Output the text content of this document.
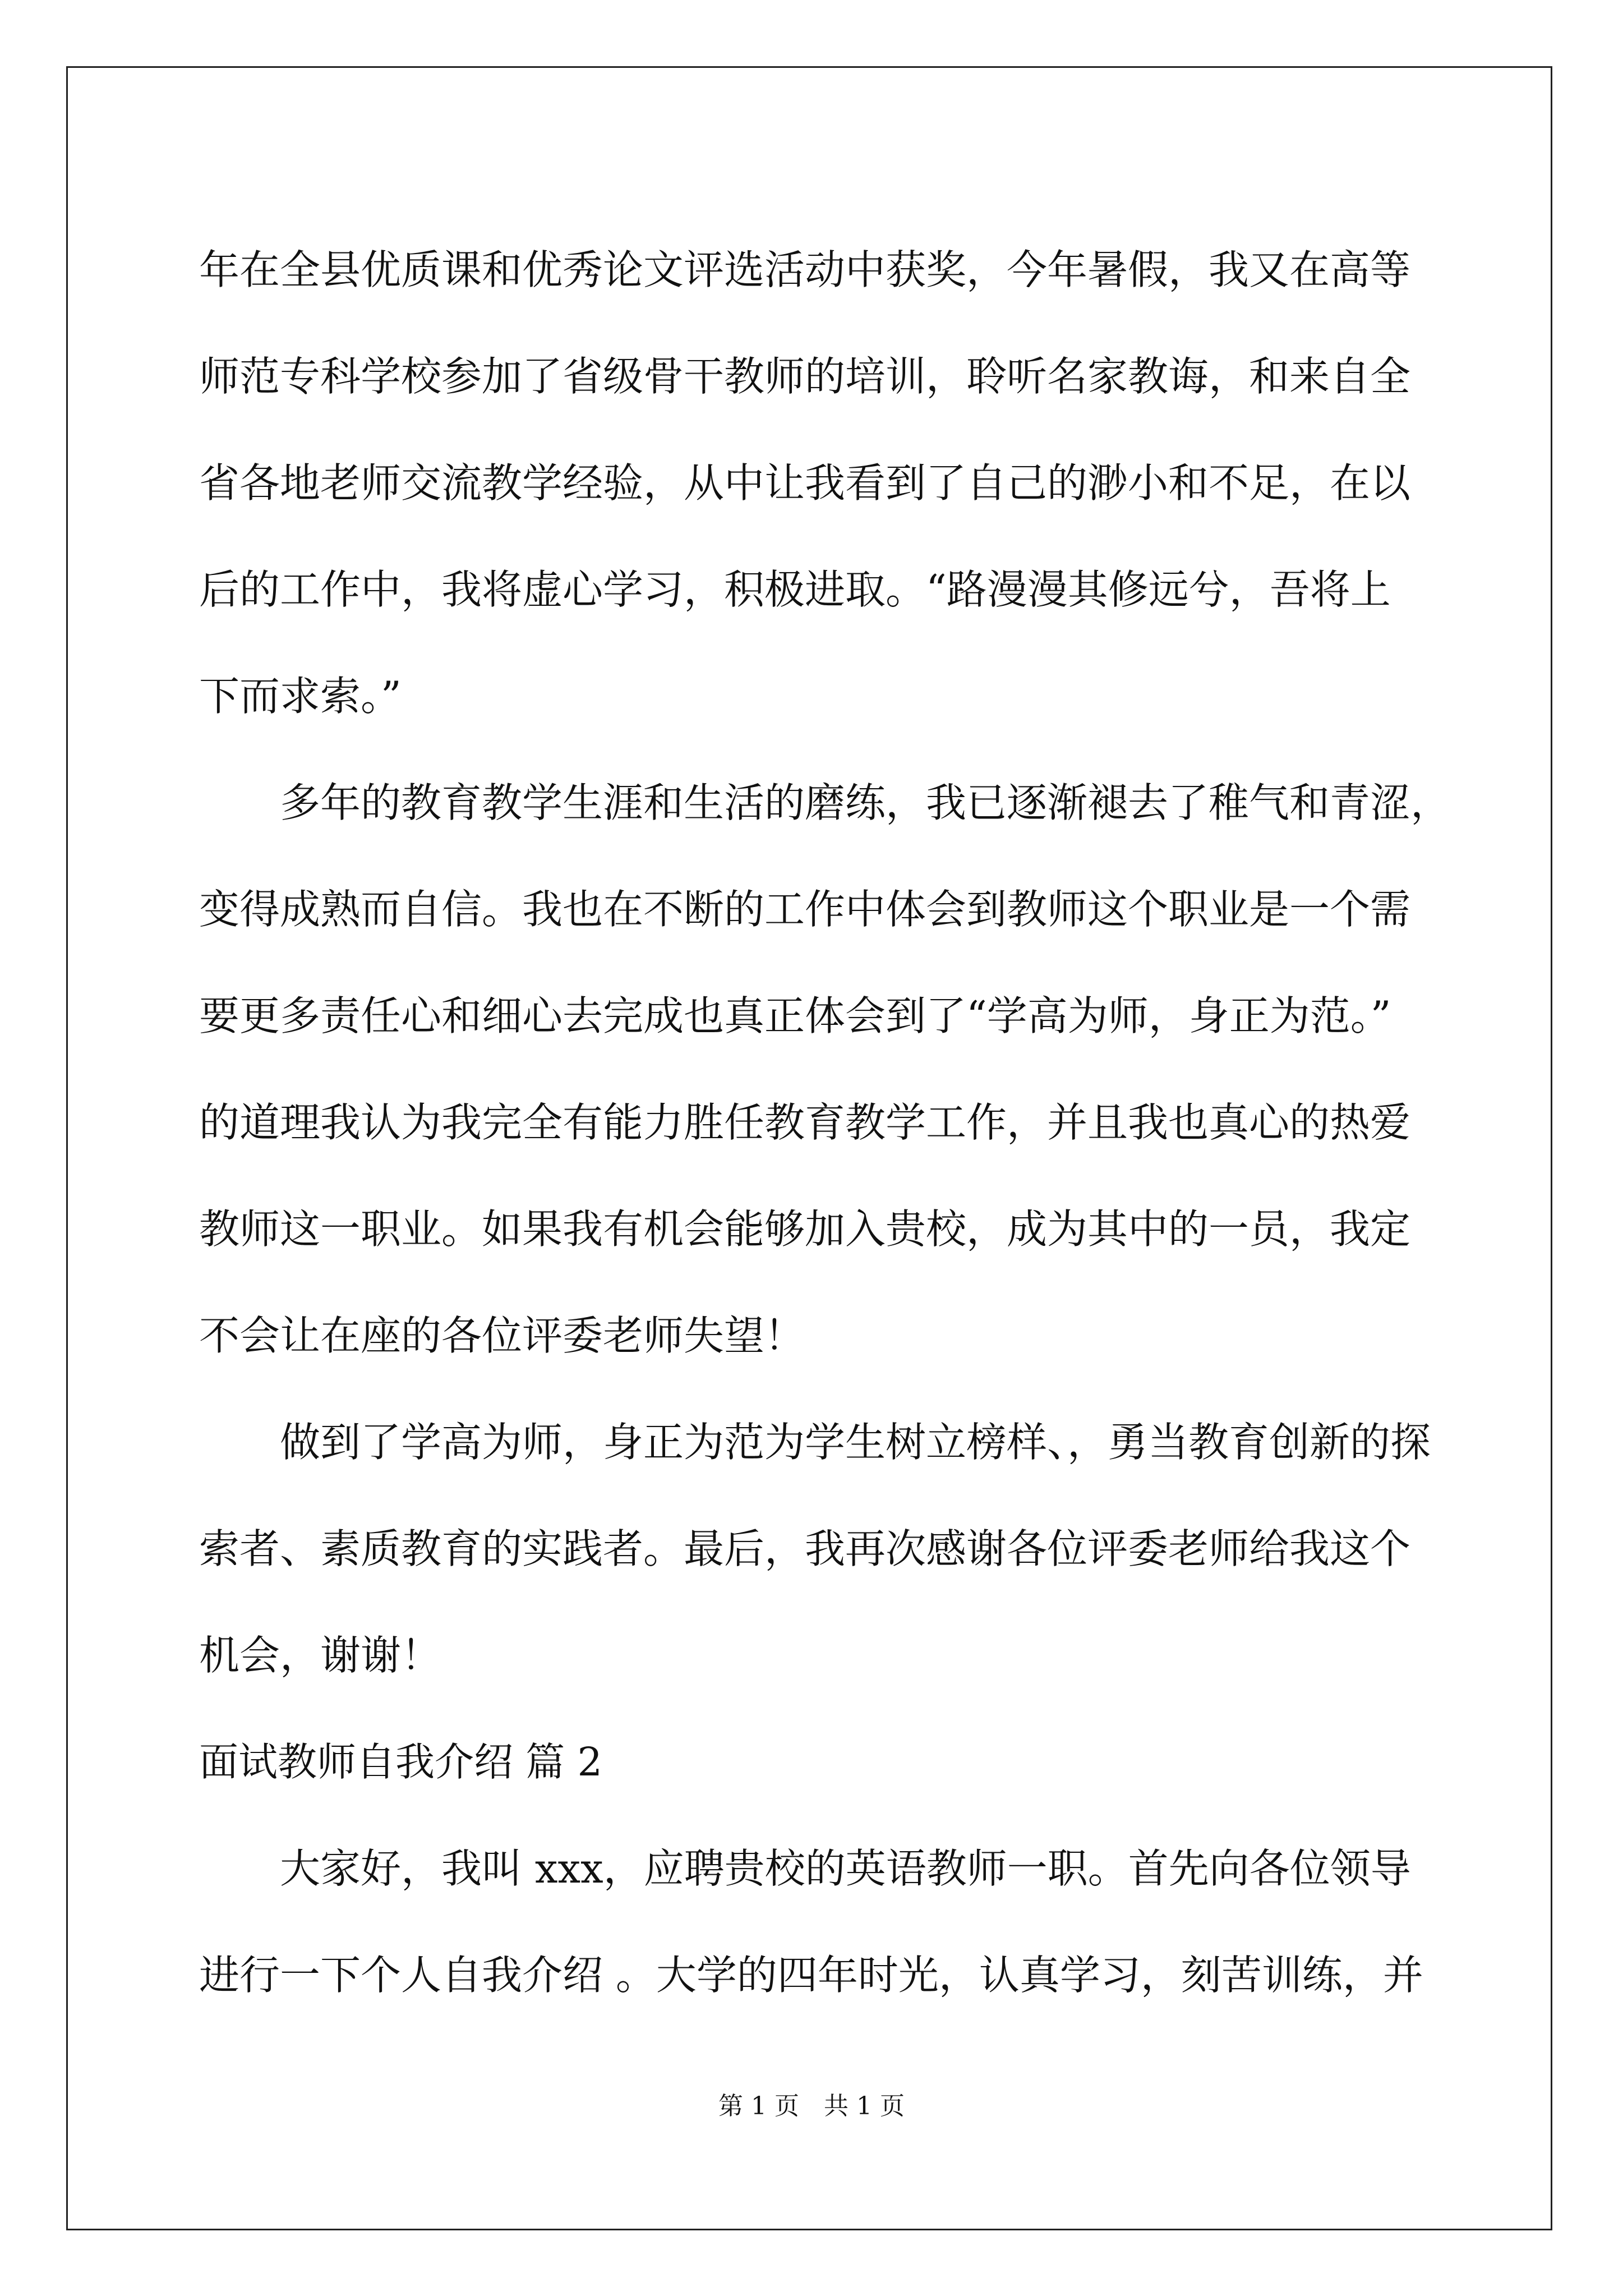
年在全县优质课和优秀论文评选活动中获奖，今年暑假，我又在高等
师范专科学校参加了省级骨干教师的培训，聆听名家教诲，和来自全
省各地老师交流教学经验，从中让我看到了自己的渺小和不足，在以
后的工作中，我将虚心学习，积极进取。“路漫漫其修远兮，吾将上
下而求索。”
多年的教育教学生涯和生活的磨练，我已逐渐褪去了稚气和青涩，
变得成熟而自信。我也在不断的工作中体会到教师这个职业是一个需
要更多责任心和细心去完成也真正体会到了“学高为师，身正为范。”
的道理我认为我完全有能力胜任教育教学工作，并且我也真心的热爱
教师这一职业。如果我有机会能够加入贵校，成为其中的一员，我定
不会让在座的各位评委老师失望！
做到了学高为师，身正为范为学生树立榜样、，勇当教育创新的探
索者、素质教育的实践者。最后，我再次感谢各位评委老师给我这个
机会，谢谢！
面试教师自我介绍 篇 2
大家好，我叫 xxx，应聘贵校的英语教师一职。首先向各位领导
进行一下个人自我介绍 。大学的四年时光，认真学习，刻苦训练，并
第 1 页　共 1 页
